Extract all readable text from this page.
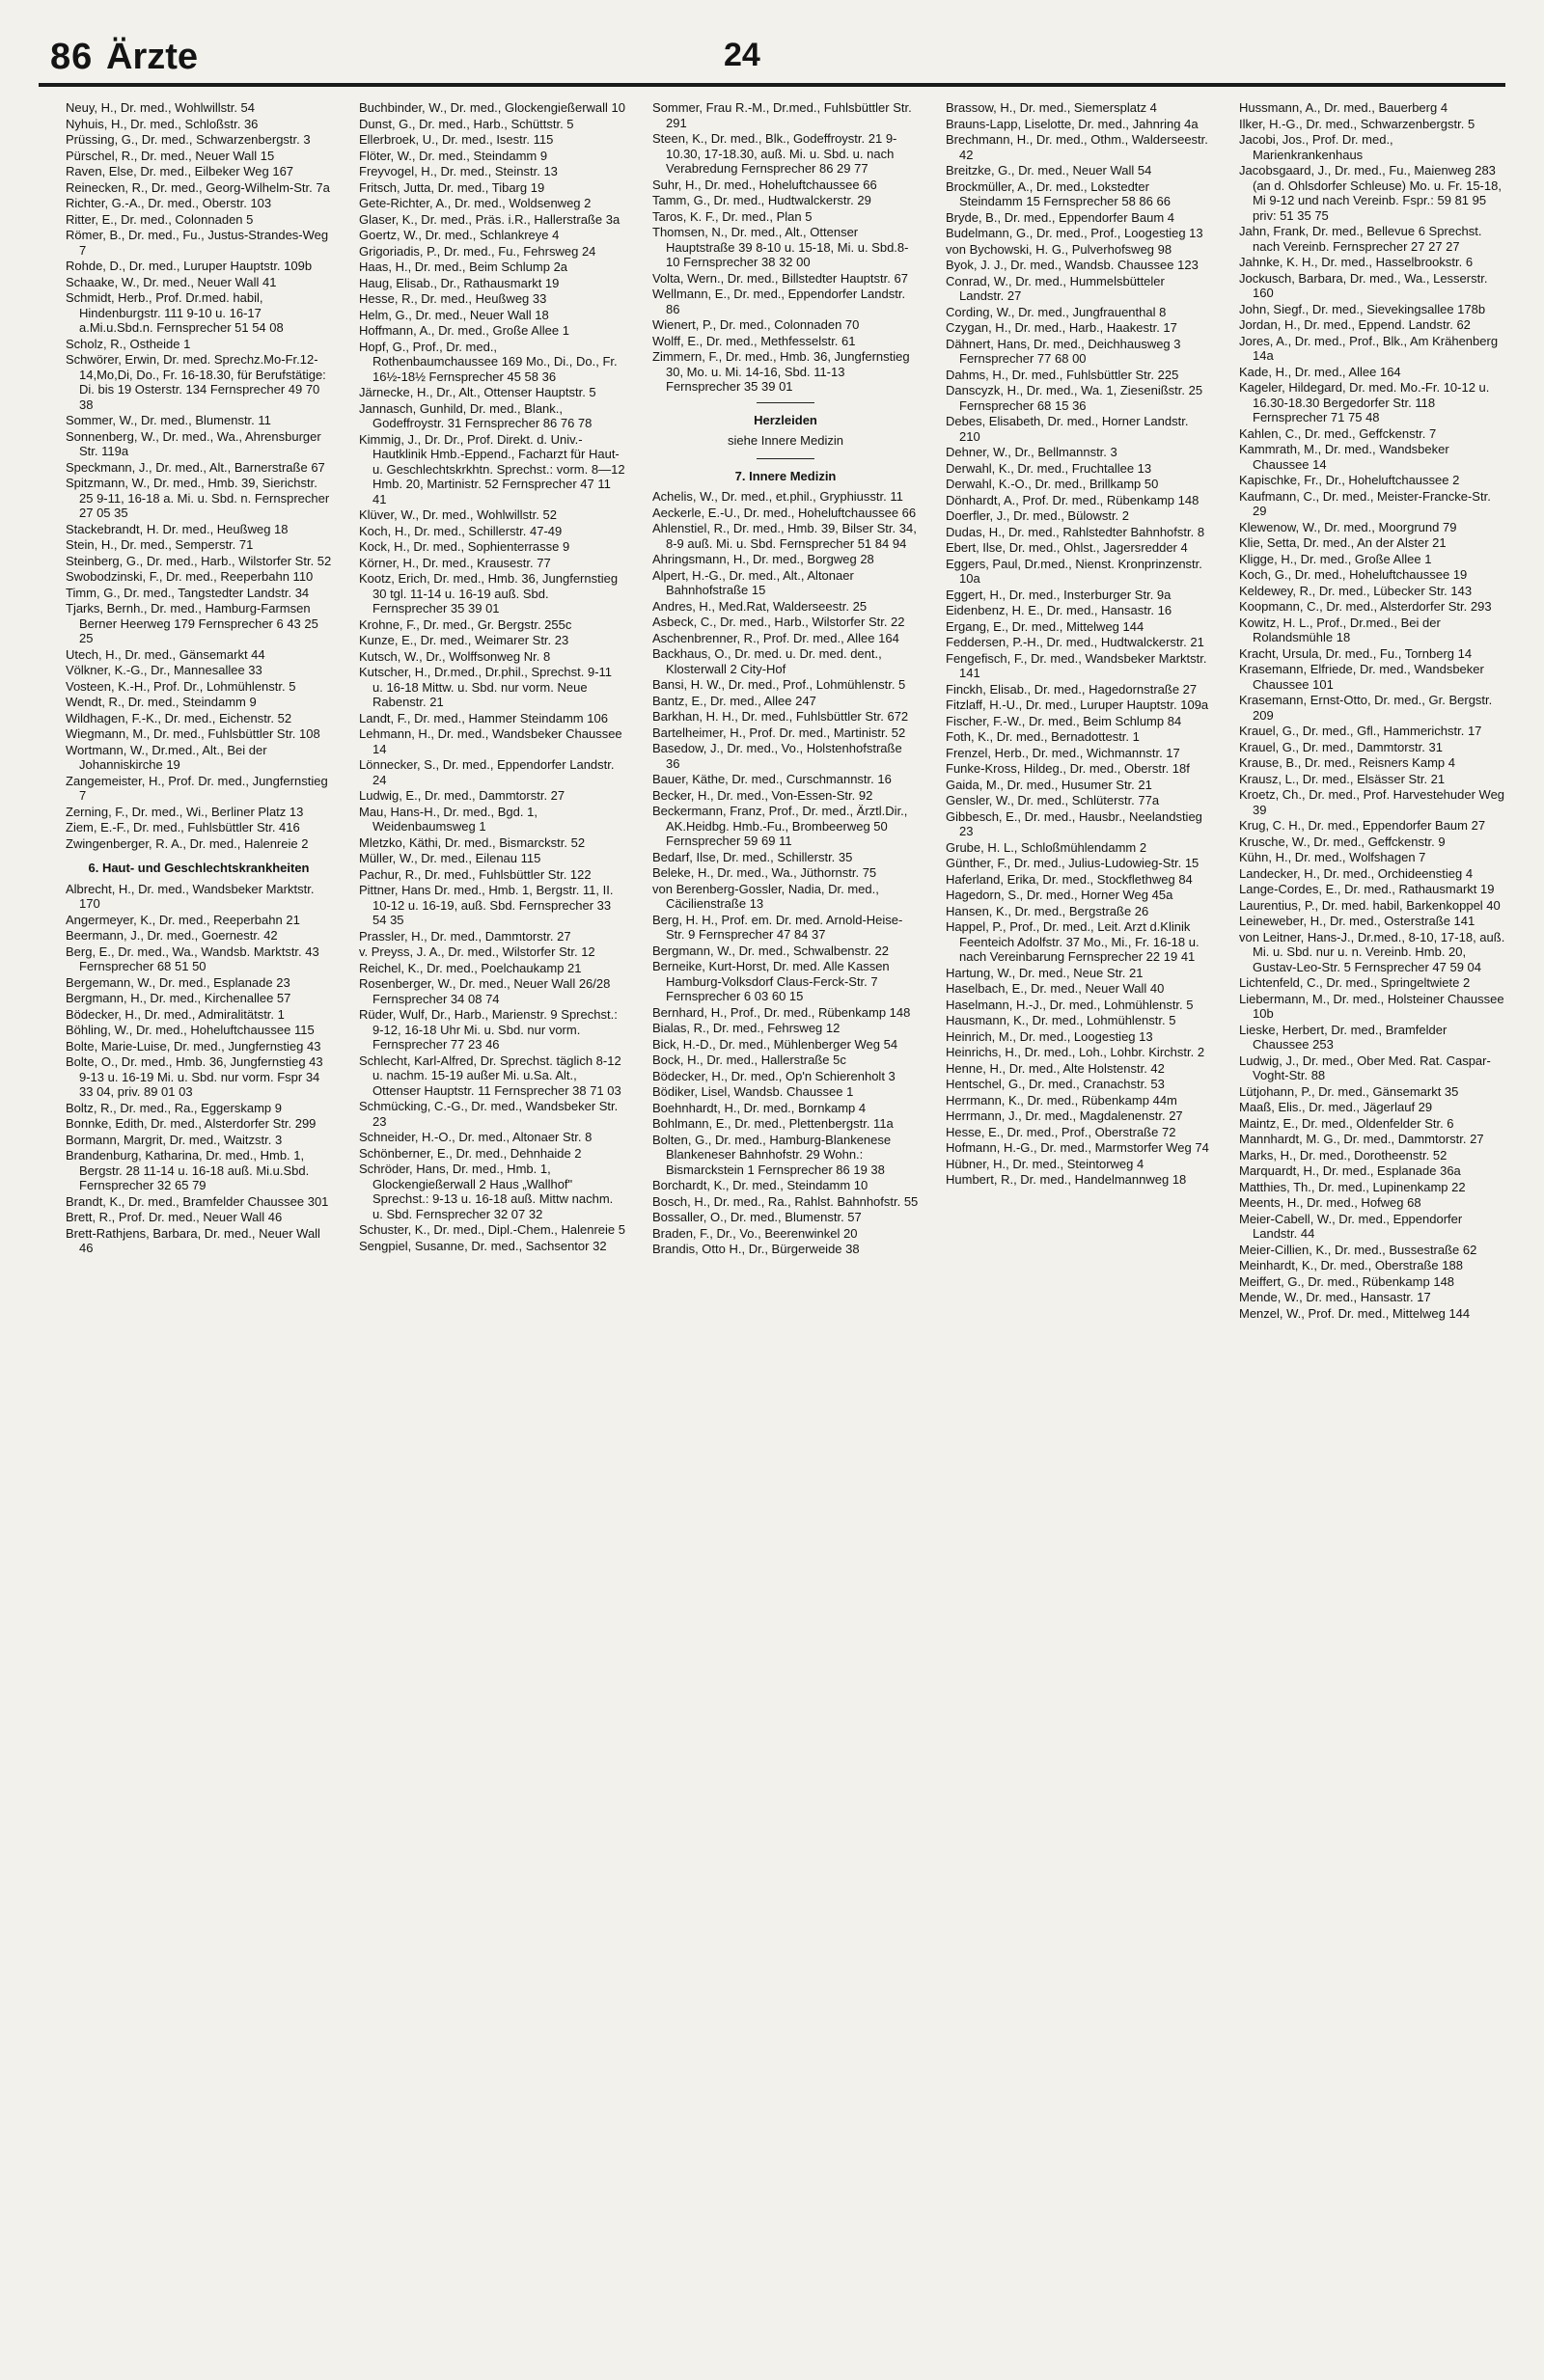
86 Ärzte	24
Neuy, H., Dr. med., Wohlwillstr. 54
Nyhuis, H., Dr. med., Schloßstr. 36
Prüssing, G., Dr. med., Schwarzenbergstr. 3
Pürschel, R., Dr. med., Neuer Wall 15
Raven, Else, Dr. med., Eilbeker Weg 167
Reinecken, R., Dr. med., Georg-Wilhelm-Str. 7a
Richter, G.-A., Dr. med., Oberstr. 103
Ritter, E., Dr. med., Colonnaden 5
Römer, B., Dr. med., Fu., Justus-Strandes-Weg 7
Rohde, D., Dr. med., Luruper Hauptstr. 109b
Schaake, W., Dr. med., Neuer Wall 41
Schmidt, Herb., Prof. Dr.med. habil, Hindenburgstr. 111 9-10 u. 16-17 a.Mi.u.Sbd.n. Fernsprecher 51 54 08
Scholz, R., Ostheide 1
Schwörer, Erwin, Dr. med. Sprechz.Mo-Fr.12-14,Mo,Di, Do., Fr. 16-18.30, für Berufstätige: Di. bis 19 Osterstr. 134 Fernsprecher 49 70 38
Sommer, W., Dr. med., Blumenstr. 11
Sonnenberg, W., Dr. med., Wa., Ahrensburger Str. 119a
Speckmann, J., Dr. med., Alt., Barnerstraße 67
Spitzmann, W., Dr. med., Hmb. 39, Sierichstr. 25 9-11, 16-18 a. Mi. u. Sbd. n. Fernsprecher 27 05 35
Stackebrandt, H. Dr. med., Heußweg 18
Stein, H., Dr. med., Semperstr. 71
Steinberg, G., Dr. med., Harb., Wilstorfer Str. 52
Swobodzinski, F., Dr. med., Reeperbahn 110
Timm, G., Dr. med., Tangstedter Landstr. 34
Tjarks, Bernh., Dr. med., Hamburg-Farmsen Berner Heerweg 179 Fernsprecher 6 43 25 25
Utech, H., Dr. med., Gänsemarkt 44
Völkner, K.-G., Dr., Mannesallee 33
Vosteen, K.-H., Prof. Dr., Lohmühlenstr. 5
Wendt, R., Dr. med., Steindamm 9
Wildhagen, F.-K., Dr. med., Eichenstr. 52
Wiegmann, M., Dr. med., Fuhlsbüttler Str. 108
Wortmann, W., Dr.med., Alt., Bei der Johanniskirche 19
Zangemeister, H., Prof. Dr. med., Jungfernstieg 7
Zerning, F., Dr. med., Wi., Berliner Platz 13
Ziem, E.-F., Dr. med., Fuhlsbüttler Str. 416
Zwingenberger, R. A., Dr. med., Halenreie 2
6. Haut- und Geschlechtskrankheiten
Albrecht, H., Dr. med., Wandsbeker Marktstr. 170
Angermeyer, K., Dr. med., Reeperbahn 21
Beermann, J., Dr. med., Goernestr. 42
Berg, E., Dr. med., Wa., Wandsb. Marktstr. 43 Fernsprecher 68 51 50
Bergemann, W., Dr. med., Esplanade 23
Bergmann, H., Dr. med., Kirchenallee 57
Bödecker, H., Dr. med., Admiralitätstr. 1
Böhling, W., Dr. med., Hoheluftchaussee 115
Bolte, Marie-Luise, Dr. med., Jungfernstieg 43
Bolte, O., Dr. med., Hmb. 36, Jungfernstieg 43 9-13 u. 16-19 Mi. u. Sbd. nur vorm. Fspr 34 33 04, priv. 89 01 03
Boltz, R., Dr. med., Ra., Eggerskamp 9
Bonnke, Edith, Dr. med., Alsterdorfer Str. 299
Bormann, Margrit, Dr. med., Waitzstr. 3
Brandenburg, Katharina, Dr. med., Hmb. 1, Bergstr. 28 11-14 u. 16-18 auß. Mi.u.Sbd. Fernsprecher 32 65 79
Brandt, K., Dr. med., Bramfelder Chaussee 301
Brett, R., Prof. Dr. med., Neuer Wall 46
Brett-Rathjens, Barbara, Dr. med., Neuer Wall 46
Buchbinder, W., Dr. med., Glockengießerwall 10
Dunst, G., Dr. med., Harb., Schüttstr. 5
Ellerbroek, U., Dr. med., Isestr. 115
Flöter, W., Dr. med., Steindamm 9
Freyvogel, H., Dr. med., Steinstr. 13
Fritsch, Jutta, Dr. med., Tibarg 19
Gete-Richter, A., Dr. med., Woldsenweg 2
Glaser, K., Dr. med., Präs. i.R., Hallerstraße 3a
Goertz, W., Dr. med., Schlankreye 4
Grigoriadis, P., Dr. med., Fu., Fehrsweg 24
Haas, H., Dr. med., Beim Schlump 2a
Haug, Elisab., Dr., Rathausmarkt 19
Hesse, R., Dr. med., Heußweg 33
Helm, G., Dr. med., Neuer Wall 18
Hoffmann, A., Dr. med., Große Allee 1
Hopf, G., Prof., Dr. med., Rothenbaumchaussee 169 Mo., Di., Do., Fr. 16½-18½ Fernsprecher 45 58 36
Järnecke, H., Dr., Alt., Ottenser Hauptstr. 5
Jannasch, Gunhild, Dr. med., Blank., Godeffroystr. 31 Fernsprecher 86 76 78
Kimmig, J., Dr. Dr., Prof. Direkt. d. Univ.-Hautklinik Hmb.-Eppend., Facharzt für Haut- u. Geschlechtskrkhtn. Sprechst.: vorm. 8—12 Hmb. 20, Martinistr. 52 Fernsprecher 47 11 41
Klüver, W., Dr. med., Wohlwillstr. 52
Koch, H., Dr. med., Schillerstr. 47-49
Kock, H., Dr. med., Sophienterrasse 9
Körner, H., Dr. med., Krausestr. 77
Kootz, Erich, Dr. med., Hmb. 36, Jungfernstieg 30 tgl. 11-14 u. 16-19 auß. Sbd. Fernsprecher 35 39 01
Krohne, F., Dr. med., Gr. Bergstr. 255c
Kunze, E., Dr. med., Weimarer Str. 23
Kutsch, W., Dr., Wolffsonweg Nr. 8
Kutscher, H., Dr.med., Dr.phil., Sprechst. 9-11 u. 16-18 Mittw. u. Sbd. nur vorm. Neue Rabenstr. 21
Landt, F., Dr. med., Hammer Steindamm 106
Lehmann, H., Dr. med., Wandsbeker Chaussee 14
Lönnecker, S., Dr. med., Eppendorfer Landstr. 24
Ludwig, E., Dr. med., Dammtorstr. 27
Mau, Hans-H., Dr. med., Bgd. 1, Weidenbaumsweg 1
Mletzko, Käthi, Dr. med., Bismarckstr. 52
Müller, W., Dr. med., Eilenau 115
Pachur, R., Dr. med., Fuhlsbüttler Str. 122
Pittner, Hans Dr. med., Hmb. 1, Bergstr. 11, II. 10-12 u. 16-19, auß. Sbd. Fernsprecher 33 54 35
Prassler, H., Dr. med., Dammtorstr. 27
v. Preyss, J. A., Dr. med., Wilstorfer Str. 12
Reichel, K., Dr. med., Poelchaukamp 21
Rosenberger, W., Dr. med., Neuer Wall 26/28 Fernsprecher 34 08 74
Rüder, Wulf, Dr., Harb., Marienstr. 9 Sprechst.: 9-12, 16-18 Uhr Mi. u. Sbd. nur vorm. Fernsprecher 77 23 46
Schlecht, Karl-Alfred, Dr. Sprechst. täglich 8-12 u. nachm. 15-19 außer Mi. u.Sa. Alt., Ottenser Hauptstr. 11 Fernsprecher 38 71 03
Schmücking, C.-G., Dr. med., Wandsbeker Str. 23
Schneider, H.-O., Dr. med., Altonaer Str. 8
Schönberner, E., Dr. med., Dehnhaide 2
Schröder, Hans, Dr. med., Hmb. 1, Glockengießerwall 2 Haus „Wallhof" Sprechst.: 9-13 u. 16-18 auß. Mittw nachm. u. Sbd. Fernsprecher 32 07 32
Schuster, K., Dr. med., Dipl.-Chem., Halenreie 5
Sengpiel, Susanne, Dr. med., Sachsentor 32
Sommer, Frau R.-M., Dr.med., Fuhlsbüttler Str. 291
Steen, K., Dr. med., Blk., Godeffroystr. 21 9-10.30, 17-18.30, auß. Mi. u. Sbd. u. nach Verabredung Fernsprecher 86 29 77
Suhr, H., Dr. med., Hoheluftchaussee 66
Tamm, G., Dr. med., Hudtwalckerstr. 29
Taros, K. F., Dr. med., Plan 5
Thomsen, N., Dr. med., Alt., Ottenser Hauptstraße 39 8-10 u. 15-18, Mi. u. Sbd.8-10 Fernsprecher 38 32 00
Volta, Wern., Dr. med., Billstedter Hauptstr. 67
Wellmann, E., Dr. med., Eppendorfer Landstr. 86
Wienert, P., Dr. med., Colonnaden 70
Wolff, E., Dr. med., Methfesselstr. 61
Zimmern, F., Dr. med., Hmb. 36, Jungfernstieg 30, Mo. u. Mi. 14-16, Sbd. 11-13 Fernsprecher 35 39 01
Herzleiden
siehe Innere Medizin
7. Innere Medizin
Achelis, W., Dr. med., et.phil., Gryphiusstr. 11
Aeckerle, E.-U., Dr. med., Hoheluftchaussee 66
Ahlenstiel, R., Dr. med., Hmb. 39, Bilser Str. 34, 8-9 auß. Mi. u. Sbd. Fernsprecher 51 84 94
Ahringsmann, H., Dr. med., Borgweg 28
Alpert, H.-G., Dr. med., Alt., Altonaer Bahnhofstraße 15
Andres, H., Med.Rat, Walderseestr. 25
Asbeck, C., Dr. med., Harb., Wilstorfer Str. 22
Aschenbrenner, R., Prof. Dr. med., Allee 164
Backhaus, O., Dr. med. u. Dr. med. dent., Klosterwall 2 City-Hof
Bansi, H. W., Dr. med., Prof., Lohmühlenstr. 5
Bantz, E., Dr. med., Allee 247
Barkhan, H. H., Dr. med., Fuhlsbüttler Str. 672
Bartelheimer, H., Prof. Dr. med., Martinistr. 52
Basedow, J., Dr. med., Vo., Holstenhofstraße 36
Bauer, Käthe, Dr. med., Curschmannstr. 16
Becker, H., Dr. med., Von-Essen-Str. 92
Beckermann, Franz, Prof., Dr. med., Ärztl.Dir., AK.Heidbg. Hmb.-Fu., Brombeerweg 50 Fernsprecher 59 69 11
Bedarf, Ilse, Dr. med., Schillerstr. 35
Beleke, H., Dr. med., Wa., Jüthornstr. 75
von Berenberg-Gossler, Nadia, Dr. med., Cäcilienstraße 13
Berg, H. H., Prof. em. Dr. med. Arnold-Heise-Str. 9 Fernsprecher 47 84 37
Bergmann, W., Dr. med., Schwalbenstr. 22
Berneike, Kurt-Horst, Dr. med. Alle Kassen Hamburg-Volksdorf Claus-Ferck-Str. 7 Fernsprecher 6 03 60 15
Bernhard, H., Prof., Dr. med., Rübenkamp 148
Bialas, R., Dr. med., Fehrsweg 12
Bick, H.-D., Dr. med., Mühlenberger Weg 54
Bock, H., Dr. med., Hallerstraße 5c
Bödecker, H., Dr. med., Op'n Schierenholt 3
Bödiker, Lisel, Wandsb. Chaussee 1
Boehnhardt, H., Dr. med., Bornkamp 4
Bohlmann, E., Dr. med., Plettenbergstr. 11a
Bolten, G., Dr. med., Hamburg-Blankenese Blankeneser Bahnhofstr. 29 Wohn.: Bismarckstein 1 Fernsprecher 86 19 38
Borchardt, K., Dr. med., Steindamm 10
Bosch, H., Dr. med., Ra., Rahlst. Bahnhofstr. 55
Bossaller, O., Dr. med., Blumenstr. 57
Braden, F., Dr., Vo., Beerenwinkel 20
Brandis, Otto H., Dr., Bürgerweide 38
Brassow, H., Dr. med., Siemersplatz 4
Brauns-Lapp, Liselotte, Dr. med., Jahnring 4a
Brechmann, H., Dr. med., Othm., Walderseestr. 42
Breitzke, G., Dr. med., Neuer Wall 54
Brockmüller, A., Dr. med., Lokstedter Steindamm 15 Fernsprecher 58 86 66
Bryde, B., Dr. med., Eppendorfer Baum 4
Budelmann, G., Dr. med., Prof., Loogestieg 13
von Bychowski, H. G., Pulverhofsweg 98
Byok, J. J., Dr. med., Wandsb. Chaussee 123
Conrad, W., Dr. med., Hummelsbütteler Landstr. 27
Cording, W., Dr. med., Jungfrauenthal 8
Czygan, H., Dr. med., Harb., Haakestr. 17
Dähnert, Hans, Dr. med., Deichhausweg 3 Fernsprecher 77 68 00
Dahms, H., Dr. med., Fuhlsbüttler Str. 225
Danscyzk, H., Dr. med., Wa. 1, Ziesenißstr. 25 Fernsprecher 68 15 36
Debes, Elisabeth, Dr. med., Horner Landstr. 210
Dehner, W., Dr., Bellmannstr. 3
Derwahl, K., Dr. med., Fruchtallee 13
Derwahl, K.-O., Dr. med., Brillkamp 50
Dönhardt, A., Prof. Dr. med., Rübenkamp 148
Doerfler, J., Dr. med., Bülowstr. 2
Dudas, H., Dr. med., Rahlstedter Bahnhofstr. 8
Ebert, Ilse, Dr. med., Ohlst., Jagersredder 4
Eggers, Paul, Dr.med., Nienst. Kronprinzenstr. 10a
Eggert, H., Dr. med., Insterburger Str. 9a
Eidenbenz, H. E., Dr. med., Hansastr. 16
Ergang, E., Dr. med., Mittelweg 144
Feddersen, P.-H., Dr. med., Hudtwalckerstr. 21
Fengefisch, F., Dr. med., Wandsbeker Marktstr. 141
Finckh, Elisab., Dr. med., Hagedornstraße 27
Fitzlaff, H.-U., Dr. med., Luruper Hauptstr. 109a
Fischer, F.-W., Dr. med., Beim Schlump 84
Foth, K., Dr. med., Bernadottestr. 1
Frenzel, Herb., Dr. med., Wichmannstr. 17
Funke-Kross, Hildeg., Dr. med., Oberstr. 18f
Gaida, M., Dr. med., Husumer Str. 21
Gensler, W., Dr. med., Schlüterstr. 77a
Gibbesch, E., Dr. med., Hausbr., Neelandstieg 23
Grube, H. L., Schloßmühlendamm 2
Günther, F., Dr. med., Julius-Ludowieg-Str. 15
Haferland, Erika, Dr. med., Stockflethweg 84
Hagedorn, S., Dr. med., Horner Weg 45a
Hansen, K., Dr. med., Bergstraße 26
Happel, P., Prof., Dr. med., Leit. Arzt d.Klinik Feenteich Adolfstr. 37 Mo., Mi., Fr. 16-18 u. nach Vereinbarung Fernsprecher 22 19 41
Hartung, W., Dr. med., Neue Str. 21
Haselbach, E., Dr. med., Neuer Wall 40
Haselmann, H.-J., Dr. med., Lohmühlenstr. 5
Hausmann, K., Dr. med., Lohmühlenstr. 5
Heinrich, M., Dr. med., Loogestieg 13
Heinrichs, H., Dr. med., Loh., Lohbr. Kirchstr. 2
Henne, H., Dr. med., Alte Holstenstr. 42
Hentschel, G., Dr. med., Cranachstr. 53
Herrmann, K., Dr. med., Rübenkamp 44m
Herrmann, J., Dr. med., Magdalenenstr. 27
Hesse, E., Dr. med., Prof., Oberstraße 72
Hofmann, H.-G., Dr. med., Marmstorfer Weg 74
Hübner, H., Dr. med., Steintorweg 4
Humbert, R., Dr. med., Handelmannweg 18
Hussmann, A., Dr. med., Bauerberg 4
Ilker, H.-G., Dr. med., Schwarzenbergstr. 5
Jacobi, Jos., Prof. Dr. med., Marienkrankenhaus
Jacobsgaard, J., Dr. med., Fu., Maienweg 283 (an d. Ohlsdorfer Schleuse) Mo. u. Fr. 15-18, Mi 9-12 und nach Vereinb. Fspr.: 59 81 95 priv: 51 35 75
Jahn, Frank, Dr. med., Bellevue 6 Sprechst. nach Vereinb. Fernsprecher 27 27 27
Jahnke, K. H., Dr. med., Hasselbrookstr. 6
Jockusch, Barbara, Dr. med., Wa., Lesserstr. 160
John, Siegf., Dr. med., Sievekingsallee 178b
Jordan, H., Dr. med., Eppend. Landstr. 62
Jores, A., Dr. med., Prof., Blk., Am Krähenberg 14a
Kade, H., Dr. med., Allee 164
Kageler, Hildegard, Dr. med. Mo.-Fr. 10-12 u. 16.30-18.30 Bergedorfer Str. 118 Fernsprecher 71 75 48
Kahlen, C., Dr. med., Geffckenstr. 7
Kammrath, M., Dr. med., Wandsbeker Chaussee 14
Kapischke, Fr., Dr., Hoheluftchaussee 2
Kaufmann, C., Dr. med., Meister-Francke-Str. 29
Klewenow, W., Dr. med., Moorgrund 79
Klie, Setta, Dr. med., An der Alster 21
Kligge, H., Dr. med., Große Allee 1
Koch, G., Dr. med., Hoheluftchaussee 19
Keldewey, R., Dr. med., Lübecker Str. 143
Koopmann, C., Dr. med., Alsterdorfer Str. 293
Kowitz, H. L., Prof., Dr.med., Bei der Rolandsmühle 18
Kracht, Ursula, Dr. med., Fu., Tornberg 14
Krasemann, Elfriede, Dr. med., Wandsbeker Chaussee 101
Krasemann, Ernst-Otto, Dr. med., Gr. Bergstr. 209
Krauel, G., Dr. med., Gfl., Hammerichstr. 17
Krauel, G., Dr. med., Dammtorstr. 31
Krause, B., Dr. med., Reisners Kamp 4
Krausz, L., Dr. med., Elsässer Str. 21
Kroetz, Ch., Dr. med., Prof. Harvestehuder Weg 39
Krug, C. H., Dr. med., Eppendorfer Baum 27
Krusche, W., Dr. med., Geffckenstr. 9
Kühn, H., Dr. med., Wolfshagen 7
Landecker, H., Dr. med., Orchideenstieg 4
Lange-Cordes, E., Dr. med., Rathausmarkt 19
Laurentius, P., Dr. med. habil, Barkenkoppel 40
Leineweber, H., Dr. med., Osterstraße 141
von Leitner, Hans-J., Dr.med., 8-10, 17-18, auß. Mi. u. Sbd. nur u. n. Vereinb. Hmb. 20, Gustav-Leo-Str. 5 Fernsprecher 47 59 04
Lichtenfeld, C., Dr. med., Springeltwiete 2
Liebermann, M., Dr. med., Holsteiner Chaussee 10b
Lieske, Herbert, Dr. med., Bramfelder Chaussee 253
Ludwig, J., Dr. med., Ober Med. Rat. Caspar-Voght-Str. 88
Lütjohann, P., Dr. med., Gänsemarkt 35
Maaß, Elis., Dr. med., Jägerlauf 29
Maintz, E., Dr. med., Oldenfelder Str. 6
Mannhardt, M. G., Dr. med., Dammtorstr. 27
Marks, H., Dr. med., Dorotheenstr. 52
Marquardt, H., Dr. med., Esplanade 36a
Matthies, Th., Dr. med., Lupinenkamp 22
Meents, H., Dr. med., Hofweg 68
Meier-Cabell, W., Dr. med., Eppendorfer Landstr. 44
Meier-Cillien, K., Dr. med., Bussestraße 62
Meinhardt, K., Dr. med., Oberstraße 188
Meiffert, G., Dr. med., Rübenkamp 148
Mende, W., Dr. med., Hansastr. 17
Menzel, W., Prof. Dr. med., Mittelweg 144
